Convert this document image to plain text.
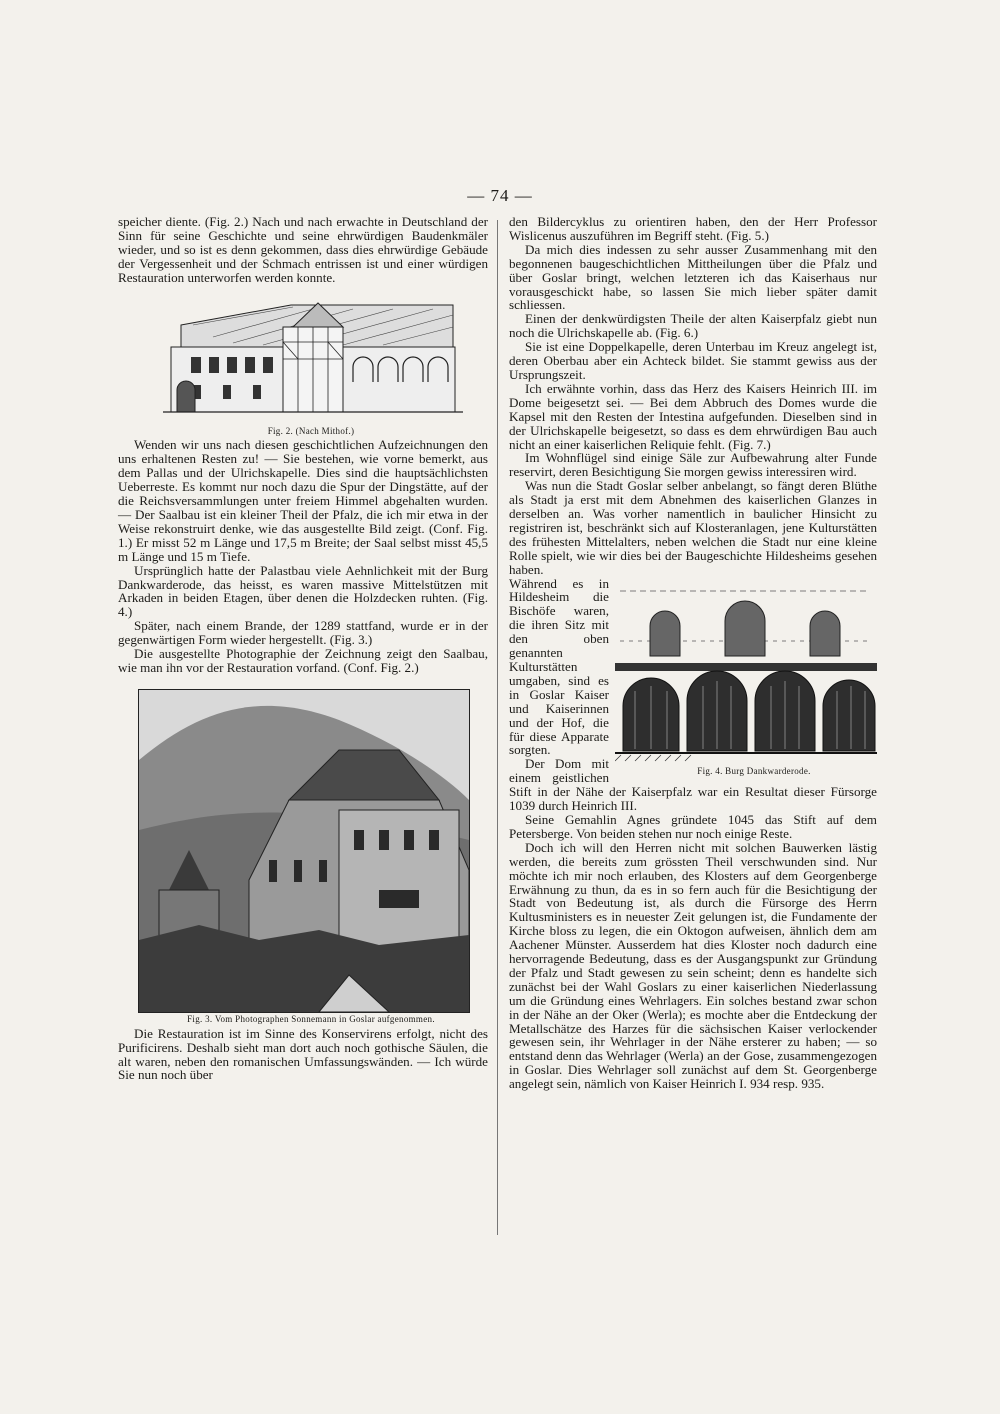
— 74 —

speicher diente. (Fig. 2.) Nach und nach erwachte in Deutschland der Sinn für seine Geschichte und seine ehrwürdigen Baudenkmäler wieder, und so ist es denn gekommen, dass dies ehrwürdige Gebäude der Vergessenheit und der Schmach entrissen ist und einer würdigen Restauration unterworfen werden konnte.

Fig. 2. (Nach Mithof.)

Wenden wir uns nach diesen geschichtlichen Aufzeichnungen den uns erhaltenen Resten zu! — Sie bestehen, wie vorne bemerkt, aus dem Pallas und der Ulrichskapelle. Dies sind die hauptsächlichsten Ueberreste. Es kommt nur noch dazu die Spur der Dingstätte, auf der die Reichsversammlungen unter freiem Himmel abgehalten wurden. — Der Saalbau ist ein kleiner Theil der Pfalz, die ich mir etwa in der Weise rekonstruirt denke, wie das ausgestellte Bild zeigt. (Conf. Fig. 1.) Er misst 52 m Länge und 17,5 m Breite; der Saal selbst misst 45,5 m Länge und 15 m Tiefe.

Ursprünglich hatte der Palastbau viele Aehnlichkeit mit der Burg Dankwarderode, das heisst, es waren massive Mittelstützen mit Arkaden in beiden Etagen, über denen die Holzdecken ruhten. (Fig. 4.)

Später, nach einem Brande, der 1289 stattfand, wurde er in der gegenwärtigen Form wieder hergestellt. (Fig. 3.)

Die ausgestellte Photographie der Zeichnung zeigt den Saalbau, wie man ihn vor der Restauration vorfand. (Conf. Fig. 2.)

Fig. 3. Vom Photographen Sonnemann in Goslar aufgenommen.

Die Restauration ist im Sinne des Konservirens erfolgt, nicht des Purificirens. Deshalb sieht man dort auch noch gothische Säulen, die alt waren, neben den romanischen Umfassungswänden. — Ich würde Sie nun noch über

den Bildercyklus zu orientiren haben, den der Herr Professor Wislicenus auszuführen im Begriff steht. (Fig. 5.)

Da mich dies indessen zu sehr ausser Zusammenhang mit den begonnenen baugeschichtlichen Mittheilungen über die Pfalz und über Goslar bringt, welchen letzteren ich das Kaiserhaus nur vorausgeschickt habe, so lassen Sie mich lieber später damit schliessen.

Einen der denkwürdigsten Theile der alten Kaiserpfalz giebt nun noch die Ulrichskapelle ab. (Fig. 6.)

Sie ist eine Doppelkapelle, deren Unterbau im Kreuz angelegt ist, deren Oberbau aber ein Achteck bildet. Sie stammt gewiss aus der Ursprungszeit.

Ich erwähnte vorhin, dass das Herz des Kaisers Heinrich III. im Dome beigesetzt sei. — Bei dem Abbruch des Domes wurde die Kapsel mit den Resten der Intestina aufgefunden. Dieselben sind in der Ulrichskapelle beigesetzt, so dass es dem ehrwürdigen Bau auch nicht an einer kaiserlichen Reliquie fehlt. (Fig. 7.)

Im Wohnflügel sind einige Säle zur Aufbewahrung alter Funde reservirt, deren Besichtigung Sie morgen gewiss interessiren wird.

Was nun die Stadt Goslar selber anbelangt, so fängt deren Blüthe als Stadt ja erst mit dem Abnehmen des kaiserlichen Glanzes in derselben an. Was vorher namentlich in baulicher Hinsicht zu registriren ist, beschränkt sich auf Klosteranlagen, jene Kulturstätten des frühesten Mittelalters, neben welchen die Stadt nur eine kleine Rolle spielt, wie wir dies bei der Baugeschichte Hildesheims gesehen haben.

Fig. 4. Burg Dankwarderode.

Während es in Hildesheim die Bischöfe waren, die ihren Sitz mit den oben genannten Kulturstätten umgaben, sind es in Goslar Kaiser und Kaiserinnen und der Hof, die für diese Apparate sorgten.

Der Dom mit einem geistlichen Stift in der Nähe der Kaiserpfalz war ein Resultat dieser Fürsorge 1039 durch Heinrich III.

Seine Gemahlin Agnes gründete 1045 das Stift auf dem Petersberge. Von beiden stehen nur noch einige Reste.

Doch ich will den Herren nicht mit solchen Bauwerken lästig werden, die bereits zum grössten Theil verschwunden sind. Nur möchte ich mir noch erlauben, des Klosters auf dem Georgenberge Erwähnung zu thun, da es in so fern auch für die Besichtigung der Stadt von Bedeutung ist, als durch die Fürsorge des Herrn Kultusministers es in neuester Zeit gelungen ist, die Fundamente der Kirche bloss zu legen, die ein Oktogon aufweisen, ähnlich dem am Aachener Münster. Ausserdem hat dies Kloster noch dadurch eine hervorragende Bedeutung, dass es der Ausgangspunkt zur Gründung der Pfalz und Stadt gewesen zu sein scheint; denn es handelte sich zunächst bei der Wahl Goslars zu einer kaiserlichen Niederlassung um die Gründung eines Wehrlagers. Ein solches bestand zwar schon in der Nähe an der Oker (Werla); es mochte aber die Entdeckung der Metallschätze des Harzes für die sächsischen Kaiser verlockender gewesen sein, ihr Wehrlager in der Nähe ersterer zu haben; — so entstand denn das Wehrlager (Werla) an der Gose, zusammengezogen in Goslar. Dies Wehrlager soll zunächst auf dem St. Georgenberge angelegt sein, nämlich von Kaiser Heinrich I. 934 resp. 935.
